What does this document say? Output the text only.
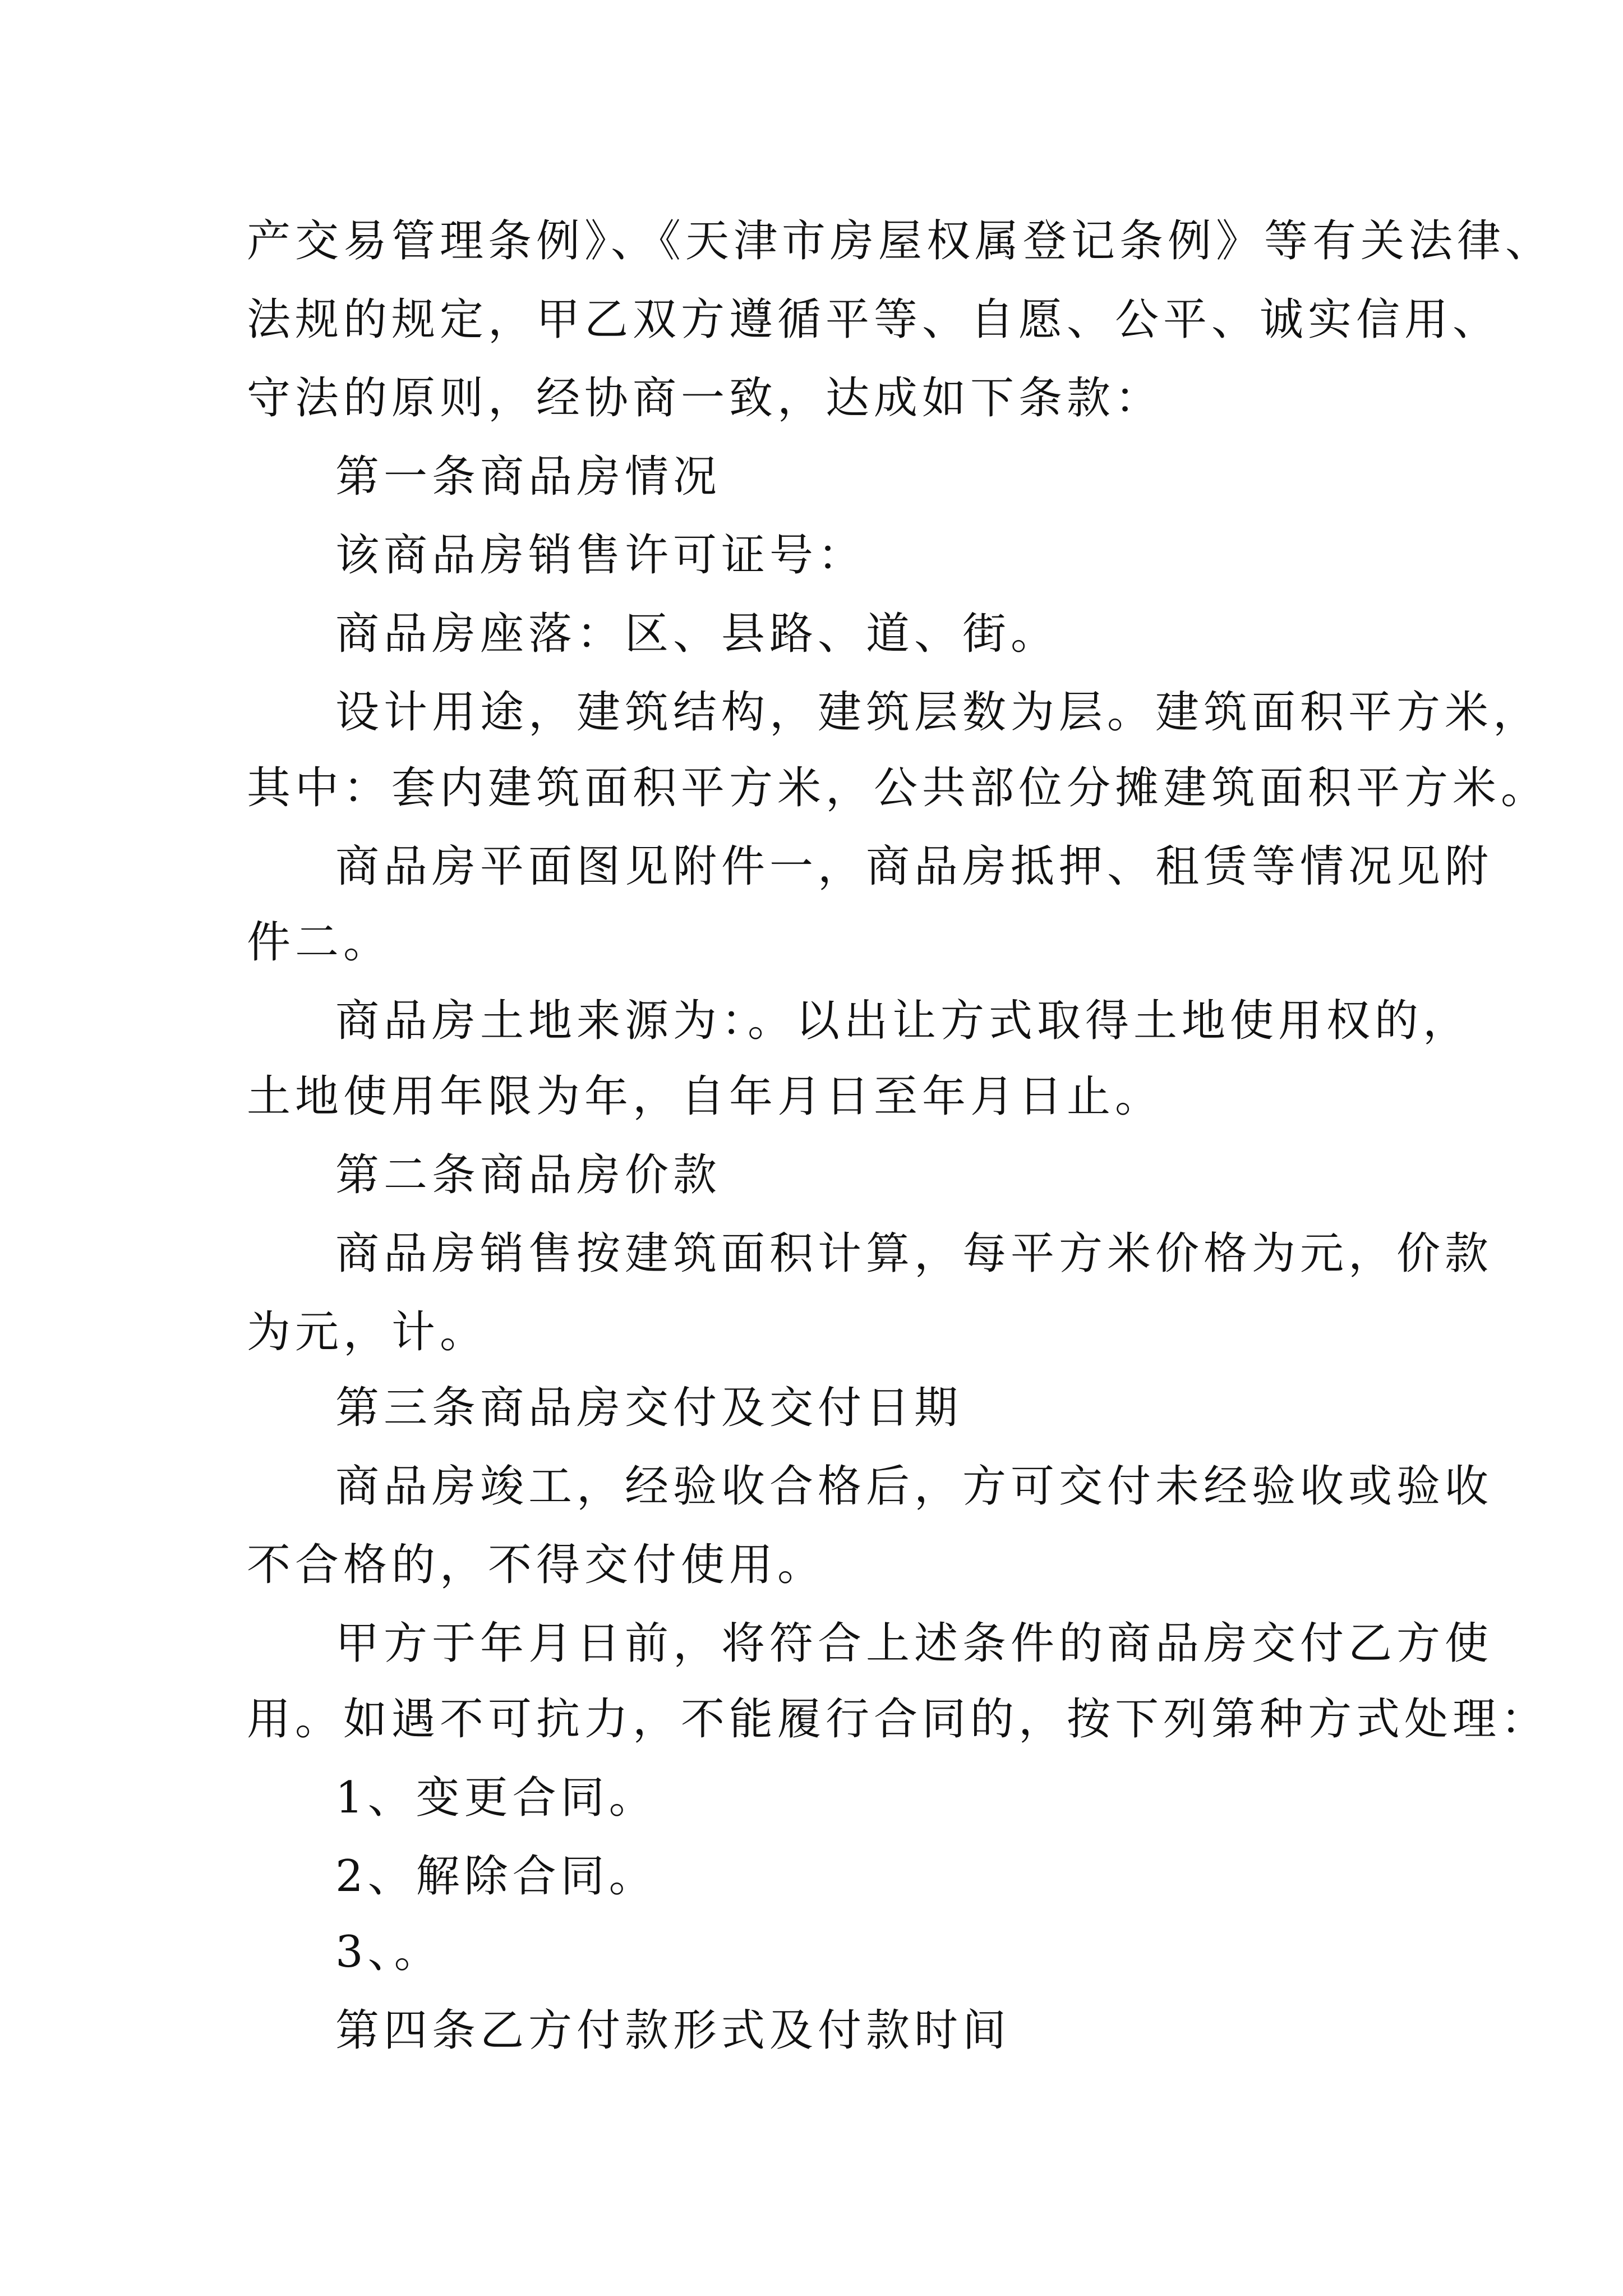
产交易管理条例》、《天津市房屋权属登记条例》等有关法律、

法规的规定，甲乙双方遵循平等、自愿、公平、诚实信用、

守法的原则，经协商一致，达成如下条款：

第一条商品房情况

该商品房销售许可证号：

商品房座落：区、县路、道、街。

设计用途，建筑结构，建筑层数为层。建筑面积平方米，

其中：套内建筑面积平方米，公共部位分摊建筑面积平方米。

商品房平面图见附件一，商品房抵押、租赁等情况见附

件二。

商品房土地来源为：。以出让方式取得土地使用权的，

土地使用年限为年，自年月日至年月日止。

第二条商品房价款

商品房销售按建筑面积计算，每平方米价格为元，价款

为元，计。

第三条商品房交付及交付日期

商品房竣工，经验收合格后，方可交付未经验收或验收

不合格的，不得交付使用。

甲方于年月日前，将符合上述条件的商品房交付乙方使

用。如遇不可抗力，不能履行合同的，按下列第种方式处理：

1、变更合同。

2、解除合同。

3、。

第四条乙方付款形式及付款时间
